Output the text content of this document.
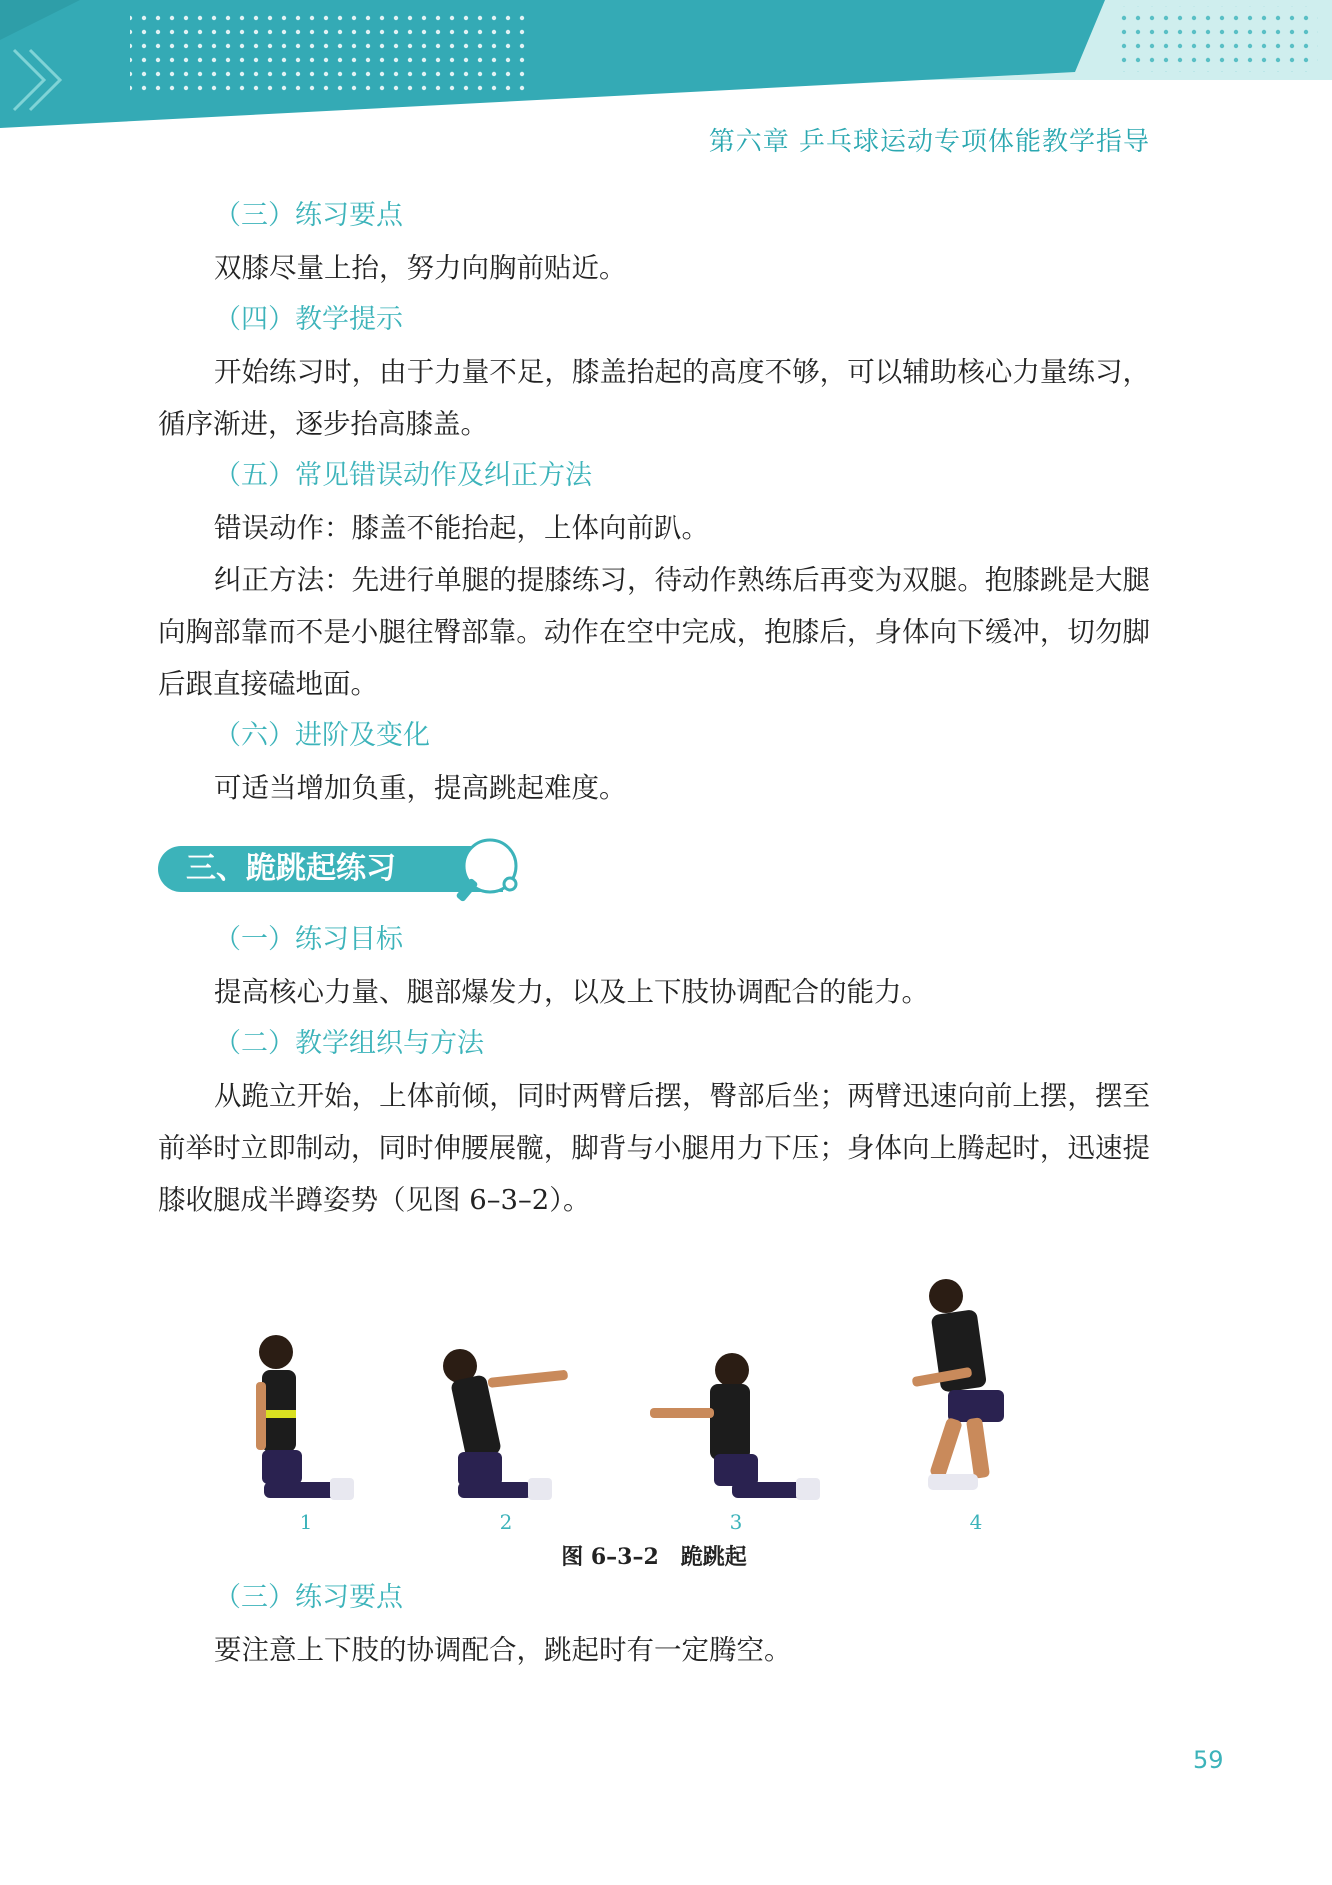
第六章 乒乓球运动专项体能教学指导
（三）练习要点

双膝尽量上抬，努力向胸前贴近。

（四）教学提示

开始练习时，由于力量不足，膝盖抬起的高度不够，可以辅助核心力量练习，循序渐进，逐步抬高膝盖。

（五）常见错误动作及纠正方法

错误动作：膝盖不能抬起，上体向前趴。

纠正方法：先进行单腿的提膝练习，待动作熟练后再变为双腿。抱膝跳是大腿向胸部靠而不是小腿往臀部靠。动作在空中完成，抱膝后，身体向下缓冲，切勿脚后跟直接磕地面。

（六）进阶及变化

可适当增加负重，提高跳起难度。

三、跪跳起练习
（一）练习目标

提高核心力量、腿部爆发力，以及上下肢协调配合的能力。

（二）教学组织与方法

从跪立开始，上体前倾，同时两臂后摆，臀部后坐；两臂迅速向前上摆，摆至前举时立即制动，同时伸腰展髋，脚背与小腿用力下压；身体向上腾起时，迅速提膝收腿成半蹲姿势（见图 6–3–2）。

1	2	3	4
图 6–3–2　跪跳起
（三）练习要点

要注意上下肢的协调配合，跳起时有一定腾空。

59
